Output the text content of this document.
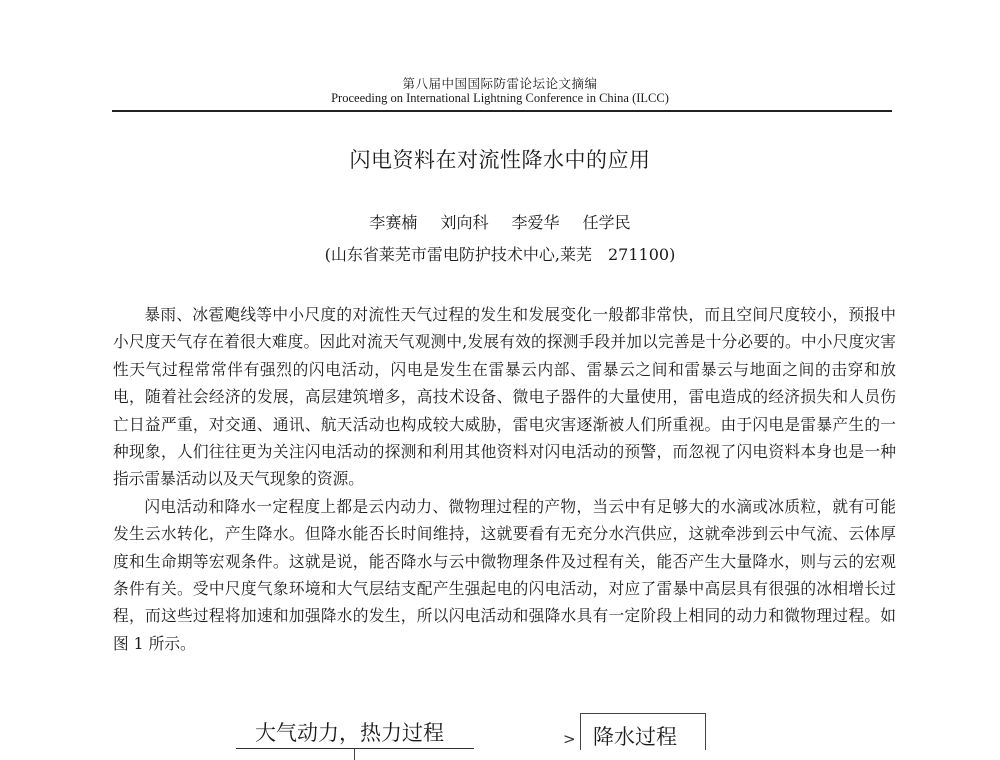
第八届中国国际防雷论坛论文摘编
Proceeding on International Lightning Conference in China (ILCC)
闪电资料在对流性降水中的应用
李赛楠 刘向科 李爱华 任学民
(山东省莱芜市雷电防护技术中心,莱芜　271100)

暴雨、冰雹飑线等中小尺度的对流性天气过程的发生和发展变化一般都非常快，而且空间尺度较小，预报中小尺度天气存在着很大难度。因此对流天气观测中,发展有效的探测手段并加以完善是十分必要的。中小尺度灾害性天气过程常常伴有强烈的闪电活动，闪电是发生在雷暴云内部、雷暴云之间和雷暴云与地面之间的击穿和放电，随着社会经济的发展，高层建筑增多，高技术设备、微电子器件的大量使用，雷电造成的经济损失和人员伤亡日益严重，对交通、通讯、航天活动也构成较大威胁，雷电灾害逐渐被人们所重视。由于闪电是雷暴产生的一种现象，人们往往更为关注闪电活动的探测和利用其他资料对闪电活动的预警，而忽视了闪电资料本身也是一种指示雷暴活动以及天气现象的资源。

闪电活动和降水一定程度上都是云内动力、微物理过程的产物，当云中有足够大的水滴或冰质粒，就有可能发生云水转化，产生降水。但降水能否长时间维持，这就要看有无充分水汽供应，这就牵涉到云中气流、云体厚度和生命期等宏观条件。这就是说，能否降水与云中微物理条件及过程有关，能否产生大量降水，则与云的宏观条件有关。受中尺度气象环境和大气层结支配产生强起电的闪电活动，对应了雷暴中高层具有很强的冰相增长过程，而这些过程将加速和加强降水的发生，所以闪电活动和强降水具有一定阶段上相同的动力和微物理过程。如图 1 所示。

大气动力，热力过程	> 降水过程
